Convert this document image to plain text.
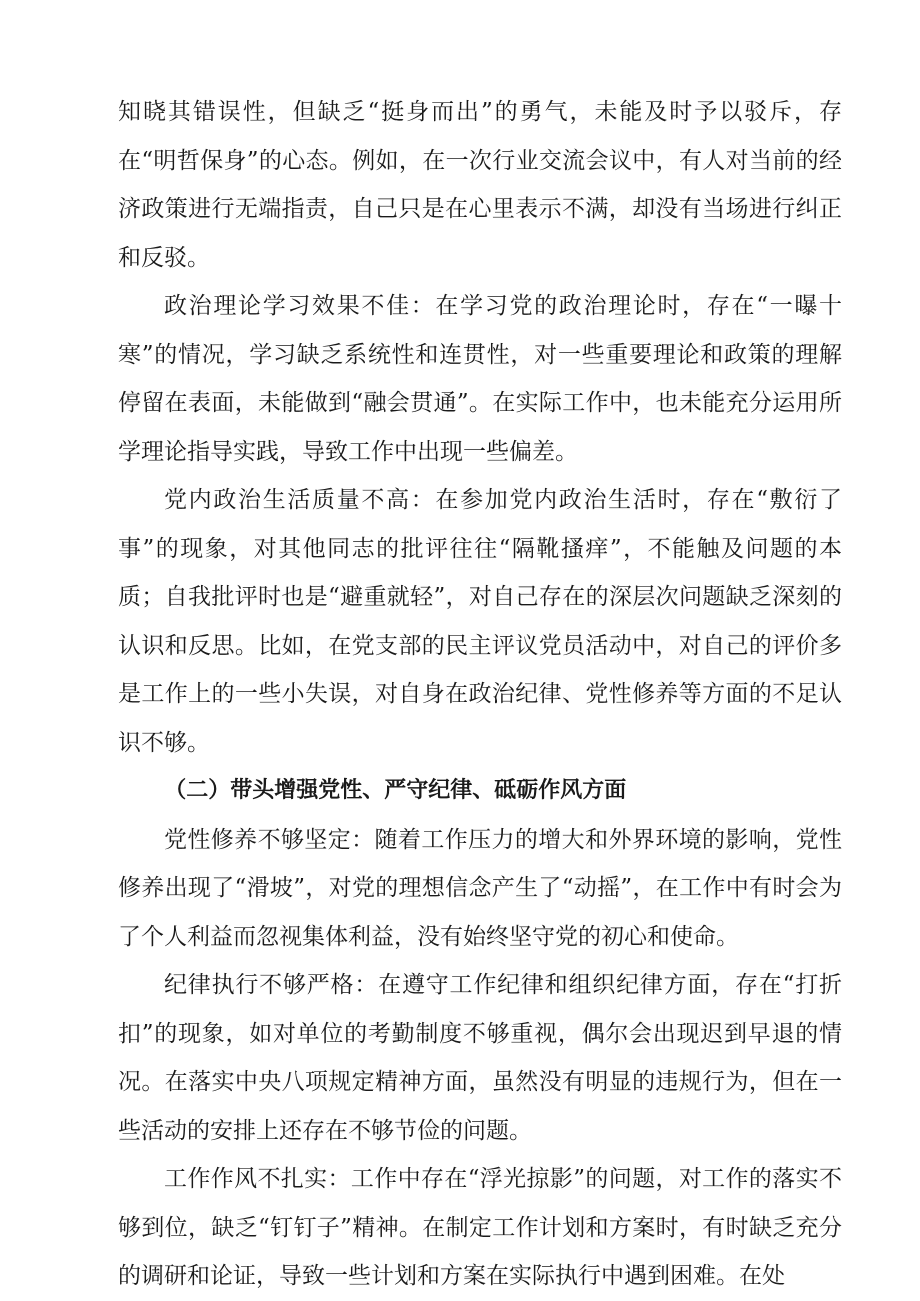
知晓其错误性，但缺乏“挺身而出”的勇气，未能及时予以驳斥，存在“明哲保身”的心态。例如，在一次行业交流会议中，有人对当前的经济政策进行无端指责，自己只是在心里表示不满，却没有当场进行纠正和反驳。

政治理论学习效果不佳：在学习党的政治理论时，存在“一曝十寒”的情况，学习缺乏系统性和连贯性，对一些重要理论和政策的理解停留在表面，未能做到“融会贯通”。在实际工作中，也未能充分运用所学理论指导实践，导致工作中出现一些偏差。

党内政治生活质量不高：在参加党内政治生活时，存在“敷衍了事”的现象，对其他同志的批评往往“隔靴搔痒”，不能触及问题的本质；自我批评时也是“避重就轻”，对自己存在的深层次问题缺乏深刻的认识和反思。比如，在党支部的民主评议党员活动中，对自己的评价多是工作上的一些小失误，对自身在政治纪律、党性修养等方面的不足认识不够。

（二）带头增强党性、严守纪律、砥砺作风方面

党性修养不够坚定：随着工作压力的增大和外界环境的影响，党性修养出现了“滑坡”，对党的理想信念产生了“动摇”，在工作中有时会为了个人利益而忽视集体利益，没有始终坚守党的初心和使命。

纪律执行不够严格：在遵守工作纪律和组织纪律方面，存在“打折扣”的现象，如对单位的考勤制度不够重视，偶尔会出现迟到早退的情况。在落实中央八项规定精神方面，虽然没有明显的违规行为，但在一些活动的安排上还存在不够节俭的问题。

工作作风不扎实：工作中存在“浮光掠影”的问题，对工作的落实不够到位，缺乏“钉钉子”精神。在制定工作计划和方案时，有时缺乏充分的调研和论证，导致一些计划和方案在实际执行中遇到困难。在处
